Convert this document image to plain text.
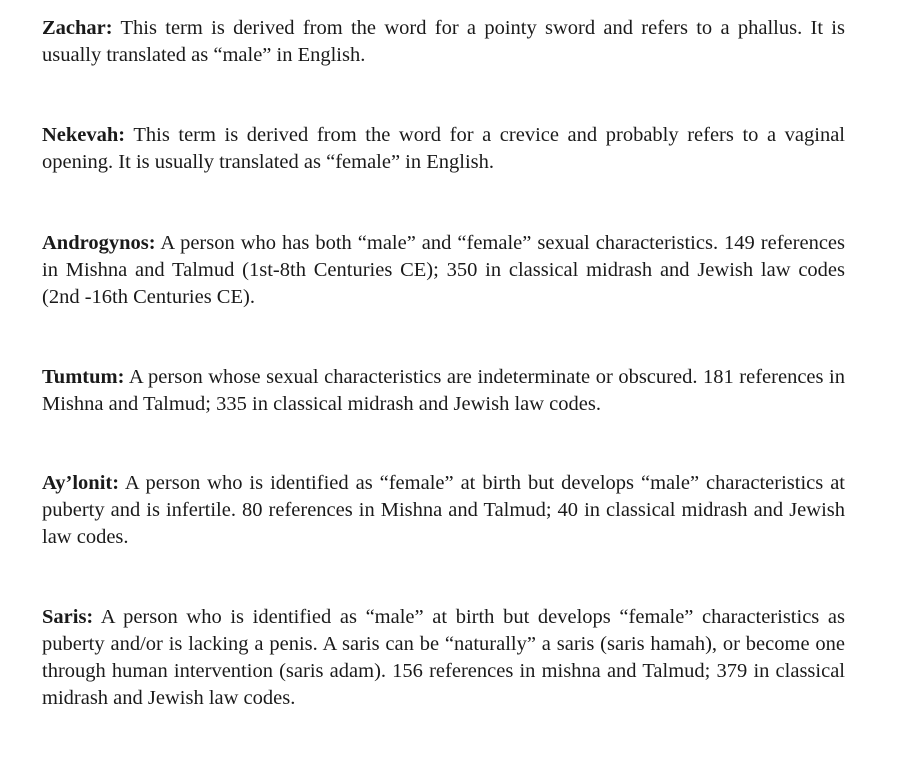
Zachar: This term is derived from the word for a pointy sword and refers to a phallus. It is usually translated as “male” in English.

Nekevah: This term is derived from the word for a crevice and probably refers to a vaginal opening. It is usually translated as “female” in English.

Androgynos: A person who has both “male” and “female” sexual characteristics. 149 references in Mishna and Talmud (1st-8th Centuries CE); 350 in classical midrash and Jewish law codes (2nd -16th Centuries CE).

Tumtum: A person whose sexual characteristics are indeterminate or obscured. 181 references in Mishna and Talmud; 335 in classical midrash and Jewish law codes.

Ay’lonit: A person who is identified as “female” at birth but develops “male” characteristics at puberty and is infertile. 80 references in Mishna and Talmud; 40 in classical midrash and Jewish law codes.

Saris: A person who is identified as “male” at birth but develops “female” characteristics as puberty and/or is lacking a penis. A saris can be “naturally” a saris (saris hamah), or become one through human intervention (saris adam). 156 references in mishna and Talmud; 379 in classical midrash and Jewish law codes.
